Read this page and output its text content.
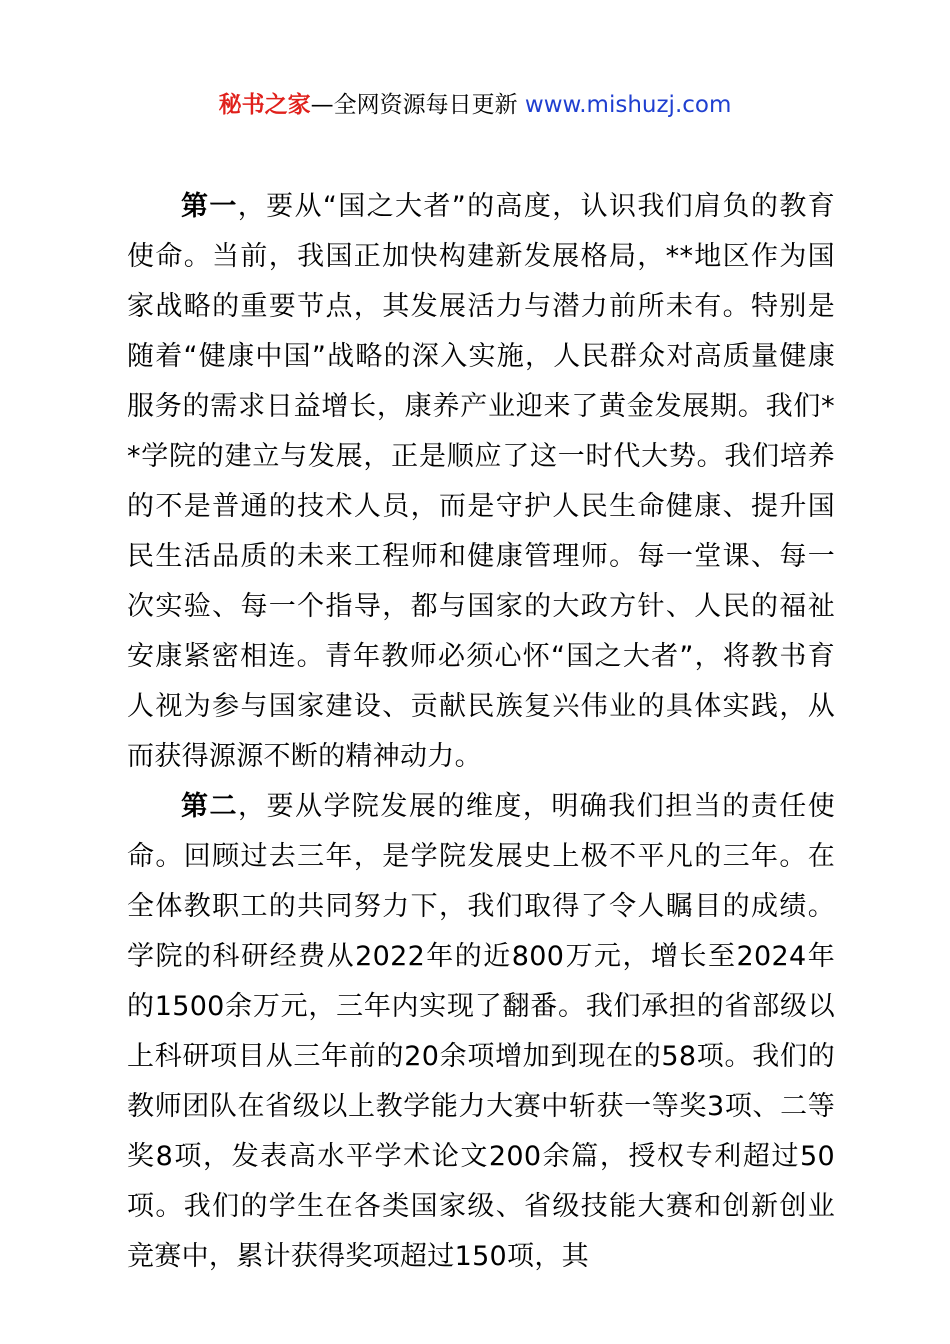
秘书之家—全网资源每日更新 www.mishuzj.com

第一，要从“国之大者”的高度，认识我们肩负的教育使命。当前，我国正加快构建新发展格局，**地区作为国家战略的重要节点，其发展活力与潜力前所未有。特别是随着“健康中国”战略的深入实施，人民群众对高质量健康服务的需求日益增长，康养产业迎来了黄金发展期。我们**学院的建立与发展，正是顺应了这一时代大势。我们培养的不是普通的技术人员，而是守护人民生命健康、提升国民生活品质的未来工程师和健康管理师。每一堂课、每一次实验、每一个指导，都与国家的大政方针、人民的福祉安康紧密相连。青年教师必须心怀“国之大者”，将教书育人视为参与国家建设、贡献民族复兴伟业的具体实践，从而获得源源不断的精神动力。

第二，要从学院发展的维度，明确我们担当的责任使命。回顾过去三年，是学院发展史上极不平凡的三年。在全体教职工的共同努力下，我们取得了令人瞩目的成绩。学院的科研经费从2022年的近800万元，增长至2024年的1500余万元，三年内实现了翻番。我们承担的省部级以上科研项目从三年前的20余项增加到现在的58项。我们的教师团队在省级以上教学能力大赛中斩获一等奖3项、二等奖8项，发表高水平学术论文200余篇，授权专利超过50项。我们的学生在各类国家级、省级技能大赛和创新创业竞赛中，累计获得奖项超过150项，其
